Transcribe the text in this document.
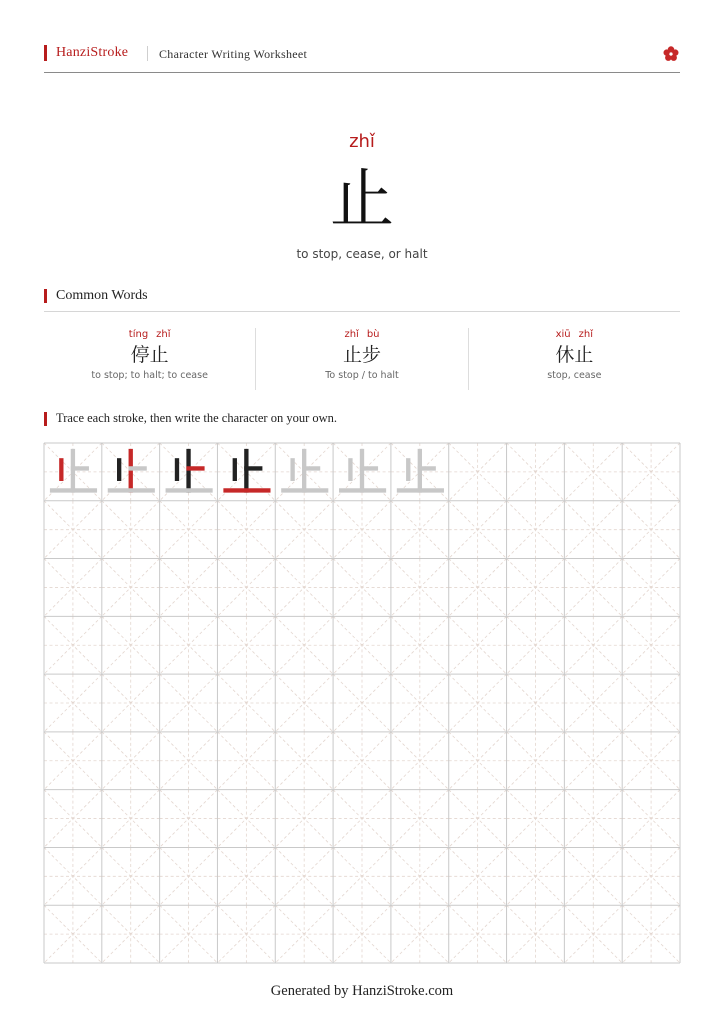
HanziStroke	Character Writing Worksheet
zhǐ
止
to stop, cease, or halt
Common Words
tíng zhǐ
停止
to stop; to halt; to cease
zhǐ bù
止步
To stop / to halt
xiū zhǐ
休止
stop, cease
Trace each stroke, then write the character on your own.
Generated by HanziStroke.com
